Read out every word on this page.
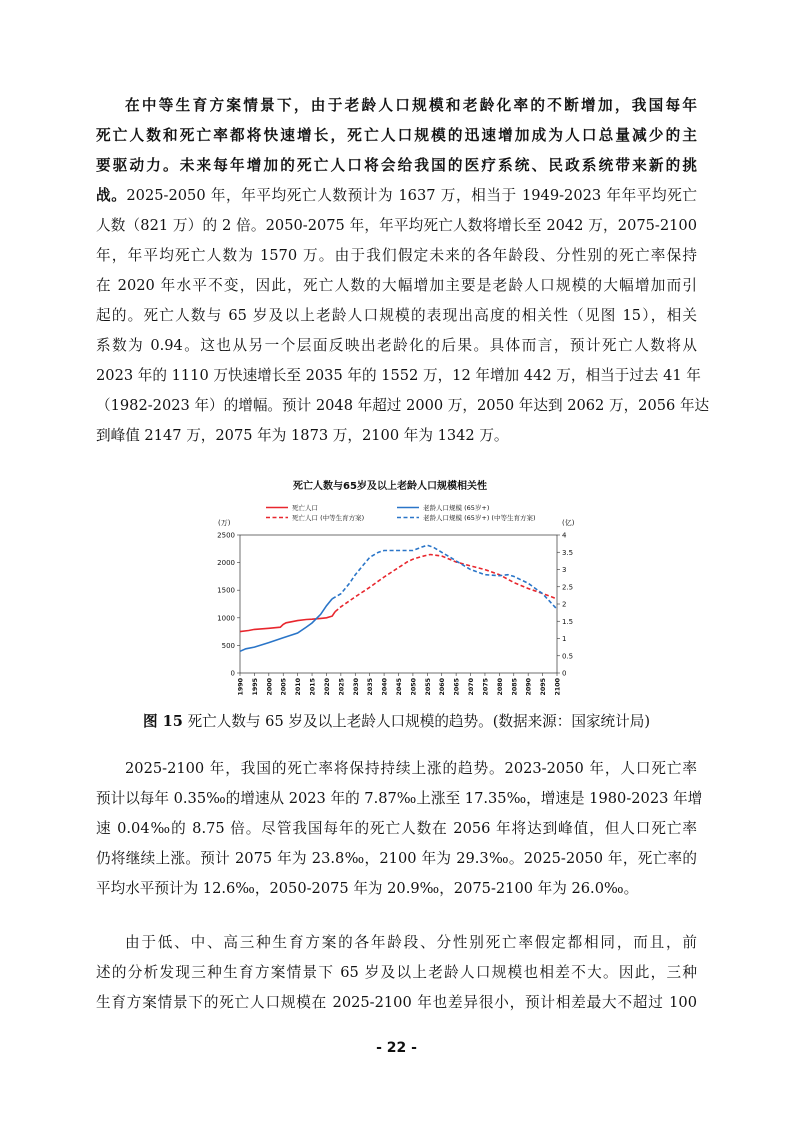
在中等生育方案情景下，由于老龄人口规模和老龄化率的不断增加，我国每年
死亡人数和死亡率都将快速增长，死亡人口规模的迅速增加成为人口总量减少的主
要驱动力。未来每年增加的死亡人口将会给我国的医疗系统、民政系统带来新的挑
战。2025-2050 年，年平均死亡人数预计为 1637 万，相当于 1949-2023 年年平均死亡
人数（821 万）的 2 倍。2050-2075 年，年平均死亡人数将增长至 2042 万，2075-2100
年，年平均死亡人数为 1570 万。由于我们假定未来的各年龄段、分性别的死亡率保持
在 2020 年水平不变，因此，死亡人数的大幅增加主要是老龄人口规模的大幅增加而引
起的。死亡人数与 65 岁及以上老龄人口规模的表现出高度的相关性（见图 15），相关
系数为 0.94。这也从另一个层面反映出老龄化的后果。具体而言，预计死亡人数将从
2023 年的 1110 万快速增长至 2035 年的 1552 万，12 年增加 442 万，相当于过去 41 年
（1982-2023 年）的增幅。预计 2048 年超过 2000 万，2050 年达到 2062 万，2056 年达
到峰值 2147 万，2075 年为 1873 万，2100 年为 1342 万。
死亡人数与65岁及以上老龄人口规模相关性
死亡人口
死亡人口 (中等生育方案)
老龄人口规模 (65岁+)
老龄人口规模 (65岁+) (中等生育方案)
(万)	(亿)
0
500
1000
1500
2000
2500
0
0.5
1
1.5
2
2.5
3
3.5
4
1990 1995 2000 2005 2010 2015 2020 2025 2030 2035 2040 2045 2050 2055 2060 2065 2070 2075 2080 2085 2090 2095 2100
图 15 死亡人数与 65 岁及以上老龄人口规模的趋势。(数据来源：国家统计局)
2025-2100 年，我国的死亡率将保持持续上涨的趋势。2023-2050 年，人口死亡率
预计以每年 0.35‰的增速从 2023 年的 7.87‰上涨至 17.35‰，增速是 1980-2023 年增
速 0.04‰的 8.75 倍。尽管我国每年的死亡人数在 2056 年将达到峰值，但人口死亡率
仍将继续上涨。预计 2075 年为 23.8‰，2100 年为 29.3‰。2025-2050 年，死亡率的
平均水平预计为 12.6‰，2050-2075 年为 20.9‰，2075-2100 年为 26.0‰。
由于低、中、高三种生育方案的各年龄段、分性别死亡率假定都相同，而且，前
述的分析发现三种生育方案情景下 65 岁及以上老龄人口规模也相差不大。因此，三种
生育方案情景下的死亡人口规模在 2025-2100 年也差异很小，预计相差最大不超过 100
- 22 -
